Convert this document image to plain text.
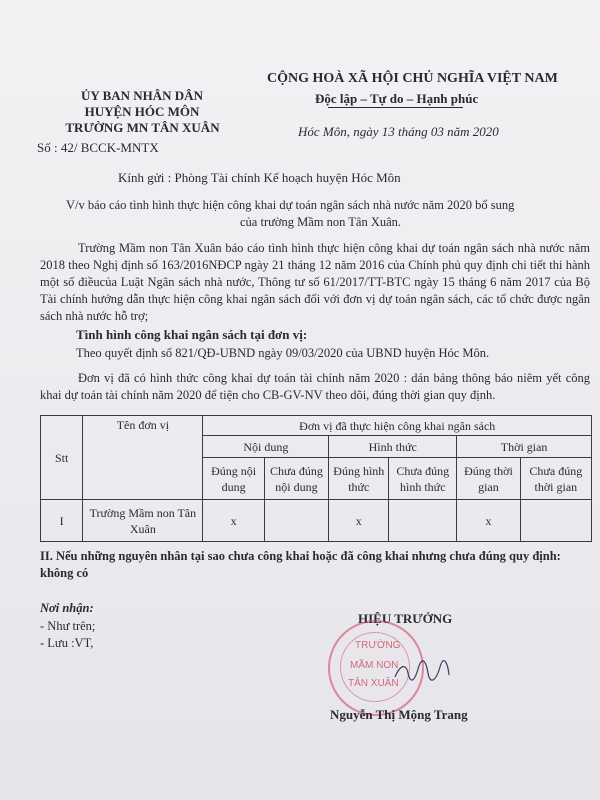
ỦY BAN NHÂN DÂN
HUYỆN HÓC MÔN
TRƯỜNG MN TÂN XUÂN
Số : 42/ BCCK-MNTX
CỘNG HOÀ XÃ HỘI CHỦ NGHĨA VIỆT NAM
Độc lập – Tự do – Hạnh phúc
Hóc Môn, ngày 13 tháng 03 năm 2020
Kính gửi : Phòng Tài chính Kế hoạch huyện Hóc Môn
V/v báo cáo tình hình thực hiện công khai dự toán ngân sách nhà nước năm 2020 bổ sung
của trường Mầm non Tân Xuân.
Trường Mầm non Tân Xuân báo cáo tình hình thực hiện công khai dự toán ngân sách nhà nước năm 2018 theo Nghị định số 163/2016NĐCP ngày 21 tháng 12 năm 2016 của Chính phủ quy định chi tiết thi hành một số điềucủa Luật Ngân sách nhà nước, Thông tư số 61/2017/TT-BTC ngày 15 tháng 6 năm 2017 của Bộ Tài chính hướng dẫn thực hiện công khai ngân sách đối với đơn vị dự toán ngân sách, các tổ chức được ngân sách nhà nước hỗ trợ;
Tình hình công khai ngân sách tại đơn vị:
Theo quyết định số 821/QĐ-UBND ngày 09/03/2020 của UBND huyện Hóc Môn.
Đơn vị đã có hình thức công khai dự toán tài chính năm 2020 : dán bảng thông báo niêm yết công khai dự toán tài chính năm 2020 để tiện cho CB-GV-NV theo dõi, đúng thời gian quy định.
Stt	Tên đơn vị	Đơn vị đã thực hiện công khai ngân sách					
		Nội dung		Hình thức		Thời gian	
		Đúng nội dung	Chưa đúng nội dung	Đúng hình thức	Chưa đúng hình thức	Đúng thời gian	Chưa đúng thời gian
I	Trường Mầm non Tân Xuân	x		x		x	
II. Nếu những nguyên nhân tại sao chưa công khai hoặc đã công khai nhưng chưa đúng quy định: không có
Nơi nhận:
- Như trên;
- Lưu :VT,
HIỆU TRƯỞNG
TRƯỜNG
MẦM NON
TÂN XUÂN
Nguyễn Thị Mộng Trang
